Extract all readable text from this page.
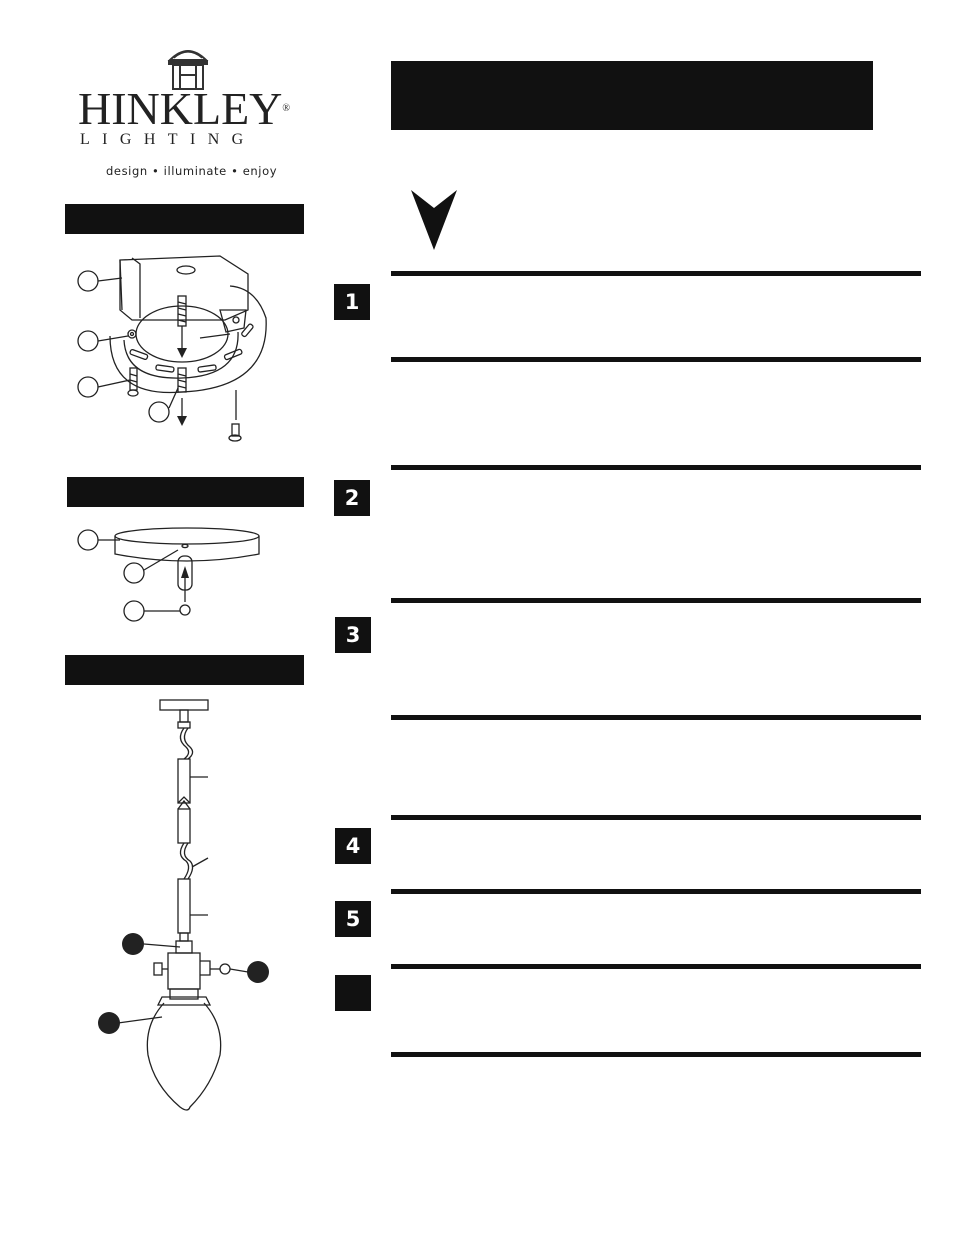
HINKLEY®
LIGHTING
design • illuminate • enjoy
1
2
3
4
5
